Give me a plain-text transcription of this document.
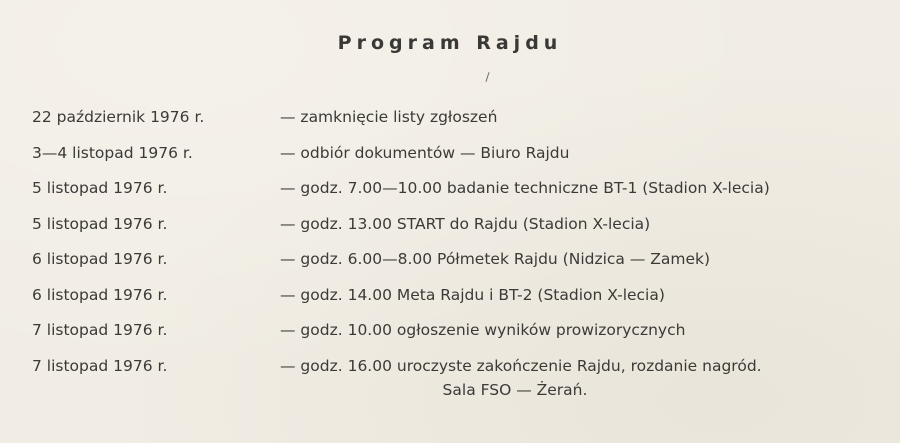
Program Rajdu
22 październik 1976 r.	— zamknięcie listy zgłoszeń
3—4 listopad 1976 r.	— odbiór dokumentów — Biuro Rajdu
5 listopad 1976 r.	— godz. 7.00—10.00 badanie techniczne BT-1 (Stadion X-lecia)
5 listopad 1976 r.	— godz. 13.00 START do Rajdu (Stadion X-lecia)
6 listopad 1976 r.	— godz. 6.00—8.00 Półmetek Rajdu (Nidzica — Zamek)
6 listopad 1976 r.	— godz. 14.00 Meta Rajdu i BT-2 (Stadion X-lecia)
7 listopad 1976 r.	— godz. 10.00 ogłoszenie wyników prowizorycznych
7 listopad 1976 r.	— godz. 16.00 uroczyste zakończenie Rajdu, rozdanie nagród.
Sala FSO — Żerań.
